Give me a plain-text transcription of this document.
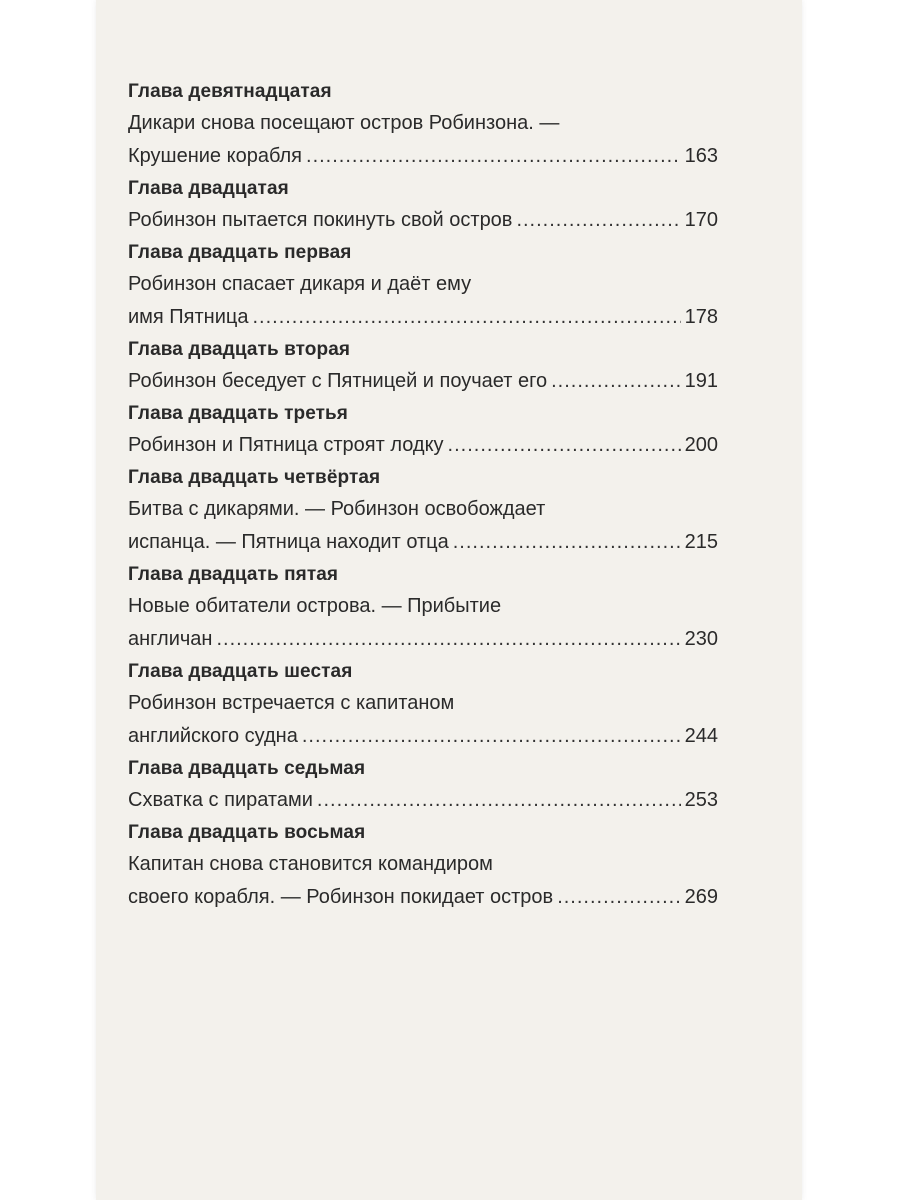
Глава девятнадцатая
Дикари снова посещают остров Робинзона. —
Крушение корабля .....	163
Глава двадцатая
Робинзон пытается покинуть свой остров .....	170
Глава двадцать первая
Робинзон спасает дикаря и даёт ему
имя Пятница .....	178
Глава двадцать вторая
Робинзон беседует с Пятницей и поучает его .....	191
Глава двадцать третья
Робинзон и Пятница строят лодку .....	200
Глава двадцать четвёртая
Битва с дикарями. — Робинзон освобождает
испанца. — Пятница находит отца .....	215
Глава двадцать пятая
Новые обитатели острова. — Прибытие
англичан .....	230
Глава двадцать шестая
Робинзон встречается с капитаном
английского судна .....	244
Глава двадцать седьмая
Схватка с пиратами .....	253
Глава двадцать восьмая
Капитан снова становится командиром
своего корабля. — Робинзон покидает остров .....	269
